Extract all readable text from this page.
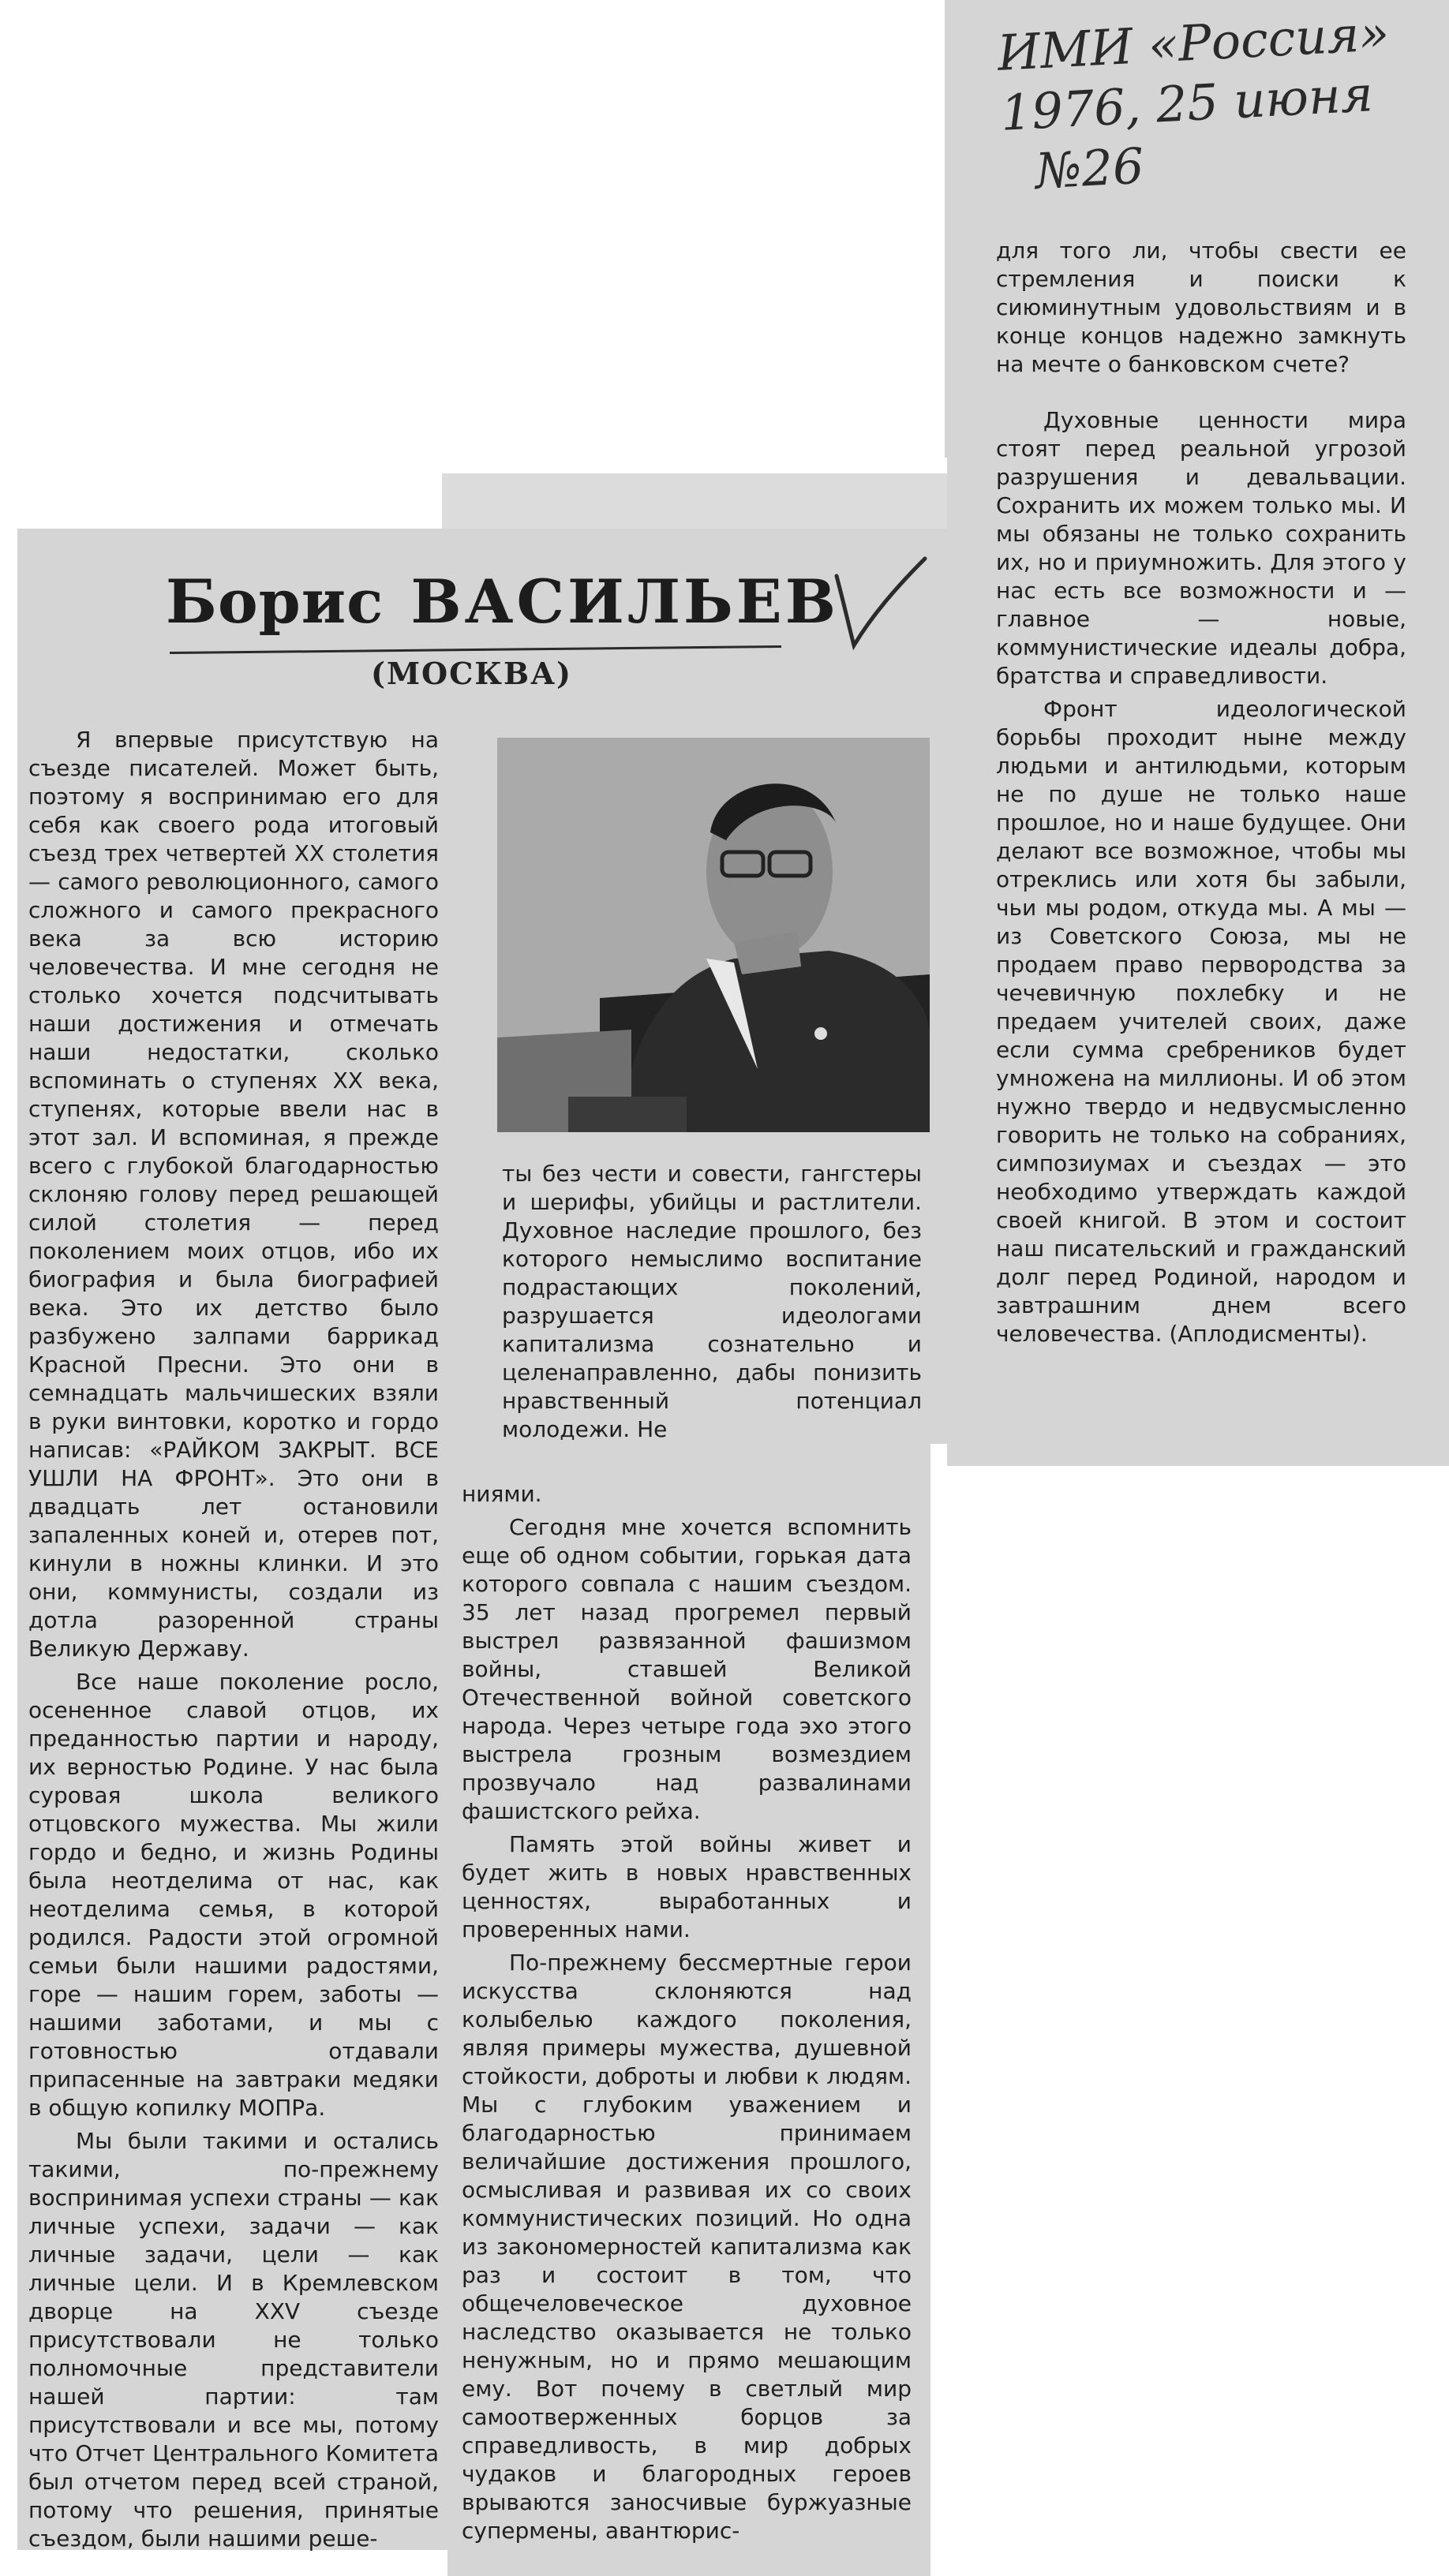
ИМИ «Россия»
1976, 25 июня
№26

для того ли, чтобы свести ее стремления и поиски к сиюминутным удовольствиям и в конце концов надежно замкнуть на мечте о банковском счете?

Духовные ценности мира стоят перед реальной угрозой разрушения и девальвации. Сохранить их можем только мы. И мы обязаны не только сохранить их, но и приумножить. Для этого у нас есть все возможности и — главное — новые, коммунистические идеалы добра, братства и справедливости.

Фронт идеологической борьбы проходит ныне между людьми и антилюдьми, которым не по душе не только наше прошлое, но и наше будущее. Они делают все возможное, чтобы мы отреклись или хотя бы забыли, чьи мы родом, откуда мы. А мы — из Советского Союза, мы не продаем право первородства за чечевичную похлебку и не предаем учителей своих, даже если сумма сребреников будет умножена на миллионы. И об этом нужно твердо и недвусмысленно говорить не только на собраниях, симпозиумах и съездах — это необходимо утверждать каждой своей книгой. В этом и состоит наш писательский и гражданский долг перед Родиной, народом и завтрашним днем всего человечества. (Аплодисменты).

Борис ВАСИЛЬЕВ
(МОСКВА)

Я впервые присутствую на съезде писателей. Может быть, поэтому я воспринимаю его для себя как своего рода итоговый съезд трех четвертей XX столетия — самого революционного, самого сложного и самого прекрасного века за всю историю человечества. И мне сегодня не столько хочется подсчитывать наши достижения и отмечать наши недостатки, сколько вспоминать о ступенях XX века, ступенях, которые ввели нас в этот зал. И вспоминая, я прежде всего с глубокой благодарностью склоняю голову перед решающей силой столетия — перед поколением моих отцов, ибо их биография и была биографией века. Это их детство было разбужено залпами баррикад Красной Пресни. Это они в семнадцать мальчишеских взяли в руки винтовки, коротко и гордо написав: «РАЙКОМ ЗАКРЫТ. ВСЕ УШЛИ НА ФРОНТ». Это они в двадцать лет остановили запаленных коней и, отерев пот, кинули в ножны клинки. И это они, коммунисты, создали из дотла разоренной страны Великую Державу.

Все наше поколение росло, осененное славой отцов, их преданностью партии и народу, их верностью Родине. У нас была суровая школа великого отцовского мужества. Мы жили гордо и бедно, и жизнь Родины была неотделима от нас, как неотделима семья, в которой родился. Радости этой огромной семьи были нашими радостями, горе — нашим горем, заботы — нашими заботами, и мы с готовностью отдавали припасенные на завтраки медяки в общую копилку МОПРа.

Мы были такими и остались такими, по-прежнему воспринимая успехи страны — как личные успехи, задачи — как личные задачи, цели — как личные цели. И в Кремлевском дворце на XXV съезде присутствовали не только полномочные представители нашей партии: там присутствовали и все мы, потому что Отчет Центрального Комитета был отчетом перед всей страной, потому что решения, принятые съездом, были нашими реше-

ты без чести и совести, гангстеры и шерифы, убийцы и растлители. Духовное наследие прошлого, без которого немыслимо воспитание подрастающих поколений, разрушается идеологами капитализма сознательно и целенаправленно, дабы понизить нравственный потенциал молодежи. Не

ниями.

Сегодня мне хочется вспомнить еще об одном событии, горькая дата которого совпала с нашим съездом. 35 лет назад прогремел первый выстрел развязанной фашизмом войны, ставшей Великой Отечественной войной советского народа. Через четыре года эхо этого выстрела грозным возмездием прозвучало над развалинами фашистского рейха.

Память этой войны живет и будет жить в новых нравственных ценностях, выработанных и проверенных нами.

По-прежнему бессмертные герои искусства склоняются над колыбелью каждого поколения, являя примеры мужества, душевной стойкости, доброты и любви к людям. Мы с глубоким уважением и благодарностью принимаем величайшие достижения прошлого, осмысливая и развивая их со своих коммунистических позиций. Но одна из закономерностей капитализма как раз и состоит в том, что общечеловеческое духовное наследство оказывается не только ненужным, но и прямо мешающим ему. Вот почему в светлый мир самоотверженных борцов за справедливость, в мир добрых чудаков и благородных героев врываются заносчивые буржуазные супермены, авантюрис-
